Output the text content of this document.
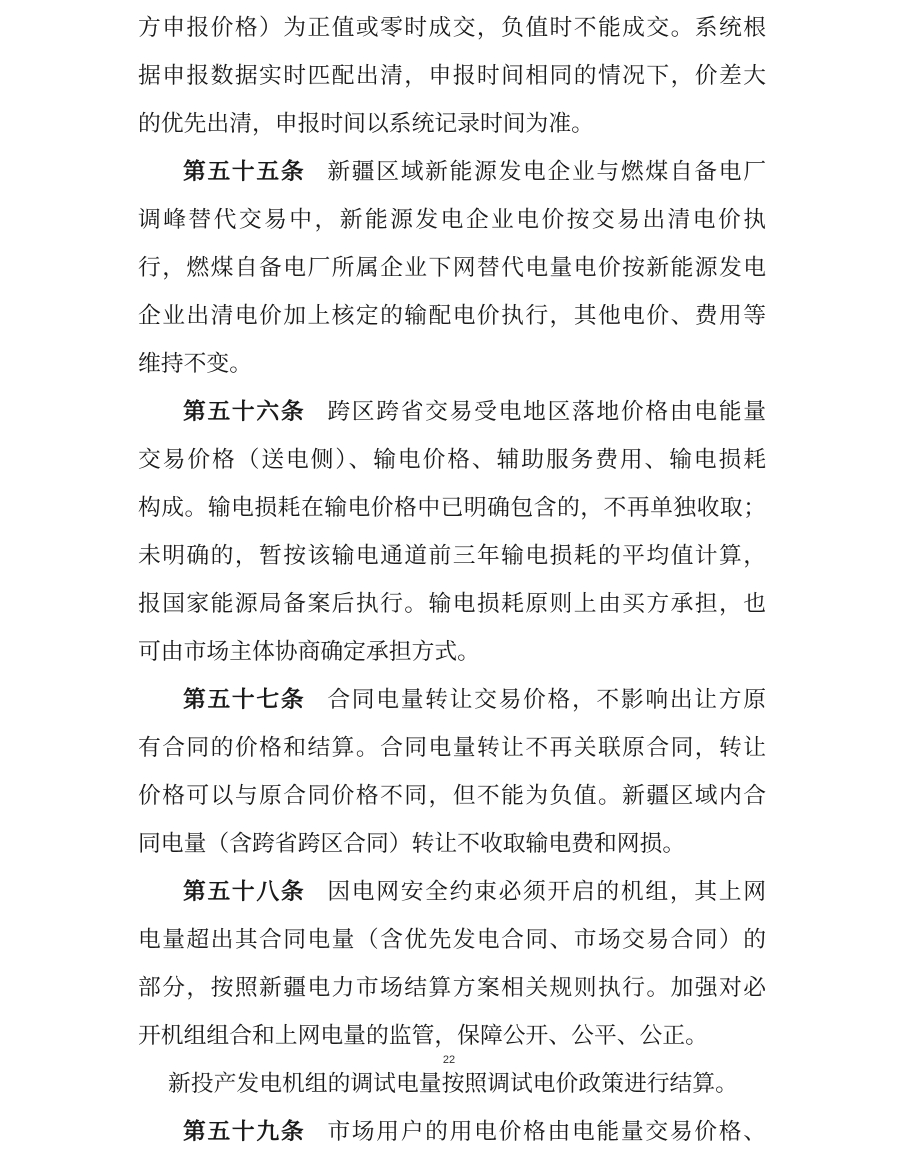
方申报价格）为正值或零时成交，负值时不能成交。系统根
据申报数据实时匹配出清，申报时间相同的情况下，价差大
的优先出清，申报时间以系统记录时间为准。
第五十五条 新疆区域新能源发电企业与燃煤自备电厂
调峰替代交易中，新能源发电企业电价按交易出清电价执
行，燃煤自备电厂所属企业下网替代电量电价按新能源发电
企业出清电价加上核定的输配电价执行，其他电价、费用等
维持不变。
第五十六条 跨区跨省交易受电地区落地价格由电能量
交易价格（送电侧）、输电价格、辅助服务费用、输电损耗
构成。输电损耗在输电价格中已明确包含的，不再单独收取；
未明确的，暂按该输电通道前三年输电损耗的平均值计算，
报国家能源局备案后执行。输电损耗原则上由买方承担，也
可由市场主体协商确定承担方式。
第五十七条 合同电量转让交易价格，不影响出让方原
有合同的价格和结算。合同电量转让不再关联原合同，转让
价格可以与原合同价格不同，但不能为负值。新疆区域内合
同电量（含跨省跨区合同）转让不收取输电费和网损。
第五十八条 因电网安全约束必须开启的机组，其上网
电量超出其合同电量（含优先发电合同、市场交易合同）的
部分，按照新疆电力市场结算方案相关规则执行。加强对必
开机组组合和上网电量的监管，保障公开、公平、公正。
新投产发电机组的调试电量按照调试电价政策进行结算。
第五十九条 市场用户的用电价格由电能量交易价格、
22
